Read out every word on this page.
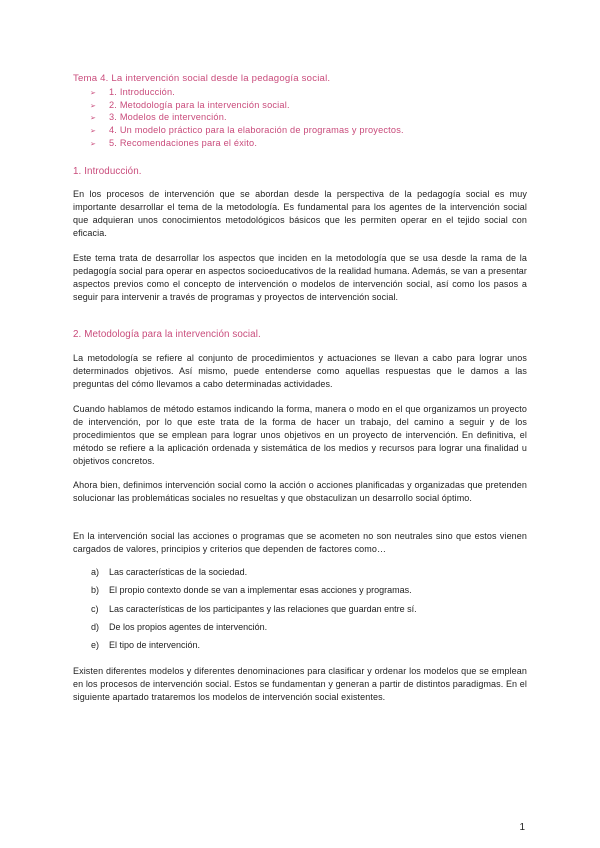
Tema 4. La intervención social desde la pedagogía social.
➢ 1. Introducción.
➢ 2. Metodología para la intervención social.
➢ 3. Modelos de intervención.
➢ 4. Un modelo práctico para la elaboración de programas y proyectos.
➢ 5. Recomendaciones para el éxito.
1. Introducción.

En los procesos de intervención que se abordan desde la perspectiva de la pedagogía social es muy importante desarrollar el tema de la metodología. Es fundamental para los agentes de la intervención social que adquieran unos conocimientos metodológicos básicos que les permiten operar en el tejido social con eficacia.

Este tema trata de desarrollar los aspectos que inciden en la metodología que se usa desde la rama de la pedagogía social para operar en aspectos socioeducativos de la realidad humana. Además, se van a presentar aspectos previos como el concepto de intervención o modelos de intervención social, así como los pasos a seguir para intervenir a través de programas y proyectos de intervención social.

2. Metodología para la intervención social.

La metodología se refiere al conjunto de procedimientos y actuaciones se llevan a cabo para lograr unos determinados objetivos. Así mismo, puede entenderse como aquellas respuestas que le damos a las preguntas del cómo llevamos a cabo determinadas actividades.

Cuando hablamos de método estamos indicando la forma, manera o modo en el que organizamos un proyecto de intervención, por lo que este trata de la forma de hacer un trabajo, del camino a seguir y de los procedimientos que se emplean para lograr unos objetivos en un proyecto de intervención. En definitiva, el método se refiere a la aplicación ordenada y sistemática de los medios y recursos para lograr una finalidad u objetivos concretos.

Ahora bien, definimos intervención social como la acción o acciones planificadas y organizadas que pretenden solucionar las problemáticas sociales no resueltas y que obstaculizan un desarrollo social óptimo.

En la intervención social las acciones o programas que se acometen no son neutrales sino que estos vienen cargados de valores, principios y criterios que dependen de factores como…

a) Las características de la sociedad.
b) El propio contexto donde se van a implementar esas acciones y programas.
c) Las características de los participantes y las relaciones que guardan entre sí.
d) De los propios agentes de intervención.
e) El tipo de intervención.

Existen diferentes modelos y diferentes denominaciones para clasificar y ordenar los modelos que se emplean en los procesos de intervención social. Estos se fundamentan y generan a partir de distintos paradigmas. En el siguiente apartado trataremos los modelos de intervención social existentes.

1
